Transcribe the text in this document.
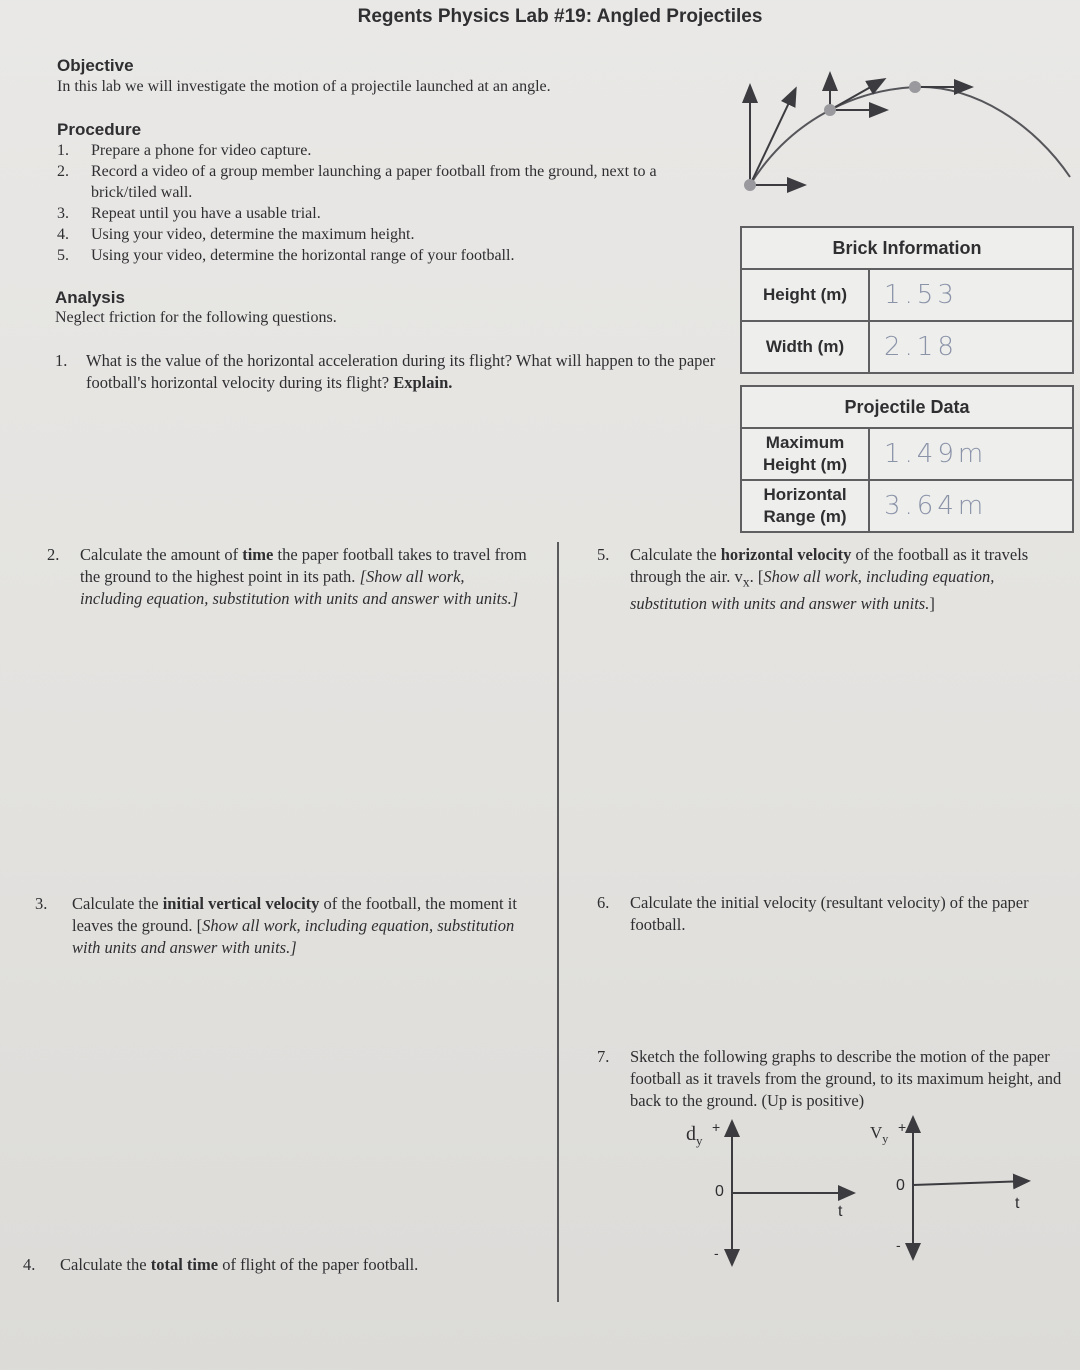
Regents Physics Lab #19: Angled Projectiles
Objective
In this lab we will investigate the motion of a projectile launched at an angle.
Procedure
1. Prepare a phone for video capture.
2. Record a video of a group member launching a paper football from the ground, next to a brick/tiled wall.
3. Repeat until you have a usable trial.
4. Using your video, determine the maximum height.
5. Using your video, determine the horizontal range of your football.
Analysis
Neglect friction for the following questions.
1.	What is the value of the horizontal acceleration during its flight? What will happen to the paper football's horizontal velocity during its flight? Explain.
Brick Information	
Height (m)	1.53
Width (m)	2.18
Projectile Data	
Maximum
Height (m)	1.49m
Horizontal
Range (m)	3.64m
2.	Calculate the amount of time the paper football takes to travel from the ground to the highest point in its path. [Show all work, including equation, substitution with units and answer with units.]
3.	Calculate the initial vertical velocity of the football, the moment it leaves the ground. [Show all work, including equation, substitution with units and answer with units.]
4.	Calculate the total time of flight of the paper football.
5.	Calculate the horizontal velocity of the football as it travels through the air. $v_x$. [Show all work, including equation, substitution with units and answer with units.]
6.	Calculate the initial velocity (resultant velocity) of the paper football.
7.	Sketch the following graphs to describe the motion of the paper football as it travels from the ground, to its maximum height, and back to the ground. (Up is positive)
$d_y$
+
0
t
-
$V_y$
+
0
t
-
